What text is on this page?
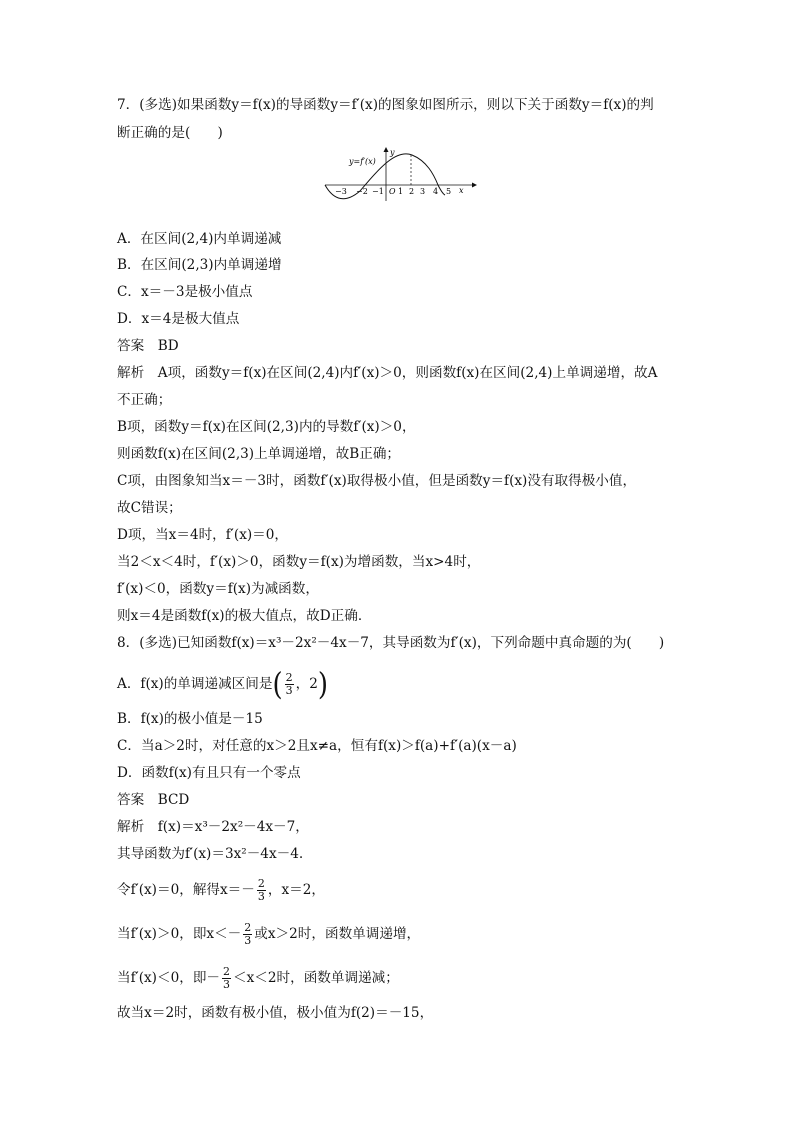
7．(多选)如果函数y＝f(x)的导函数y＝f′(x)的图象如图所示，则以下关于函数y＝f(x)的判
断正确的是(　　)
y
x
y=f′(x)
O
−3 −2 −1 1 2 3 4 5
A．在区间(2,4)内单调递减
B．在区间(2,3)内单调递增
C．x＝－3是极小值点
D．x＝4是极大值点
答案　BD
解析　A项，函数y＝f(x)在区间(2,4)内f′(x)＞0，则函数f(x)在区间(2,4)上单调递增，故A
不正确；
B项，函数y＝f(x)在区间(2,3)内的导数f′(x)＞0，
则函数f(x)在区间(2,3)上单调递增，故B正确；
C项，由图象知当x＝－3时，函数f′(x)取得极小值，但是函数y＝f(x)没有取得极小值，
故C错误；
D项，当x＝4时，f′(x)＝0，
当2＜x＜4时，f′(x)＞0，函数y＝f(x)为增函数，当x>4时，
f′(x)＜0，函数y＝f(x)为减函数，
则x＝4是函数f(x)的极大值点，故D正确．
8．(多选)已知函数f(x)＝x³－2x²－4x－7，其导函数为f′(x)，下列命题中真命题的为(　　)
A．f(x)的单调递减区间是( $\frac{2}{3}$ ，2)
B．f(x)的极小值是－15
C．当a＞2时，对任意的x＞2且x≠a，恒有f(x)＞f(a)+f′(a)(x－a)
D．函数f(x)有且只有一个零点
答案　BCD
解析　f(x)＝x³－2x²－4x－7，
其导函数为f′(x)＝3x²－4x－4.
令f′(x)＝0，解得$x=- \frac{2}{3}$ ，x＝2，
当f′(x)＞0，即$x<- \frac{2}{3}$ 或x＞2时，函数单调递增，
当f′(x)＜0，即－ $\frac{2}{3} <x<2$时，函数单调递减；
故当x＝2时，函数有极小值，极小值为f(2)＝－15，
